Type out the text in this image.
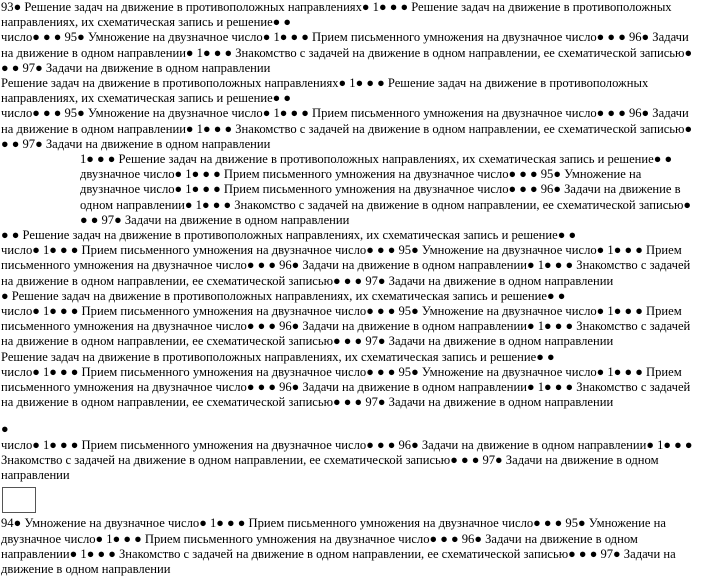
93● Решение задач на движение в противоположных направлениях● 1● ● ● Решение задач на движение в противоположных направлениях, их схематическая запись и решение● ●

число● ● ● 95● Умножение на двузначное число● 1● ● ● Прием письменного умножения на двузначное число● ● ● 96● Задачи на движение в одном направлении● 1● ● ● Знакомство с задачей на движение в одном направлении, ее схематической записью● ● ● 97● Задачи на движение в одном направлении

Решение задач на движение в противоположных направлениях● 1● ● ● Решение задач на движение в противоположных направлениях, их схематическая запись и решение● ●

число● ● ● 95● Умножение на двузначное число● 1● ● ● Прием письменного умножения на двузначное число● ● ● 96● Задачи на движение в одном направлении● 1● ● ● Знакомство с задачей на движение в одном направлении, ее схематической записью● ● ● 97● Задачи на движение в одном направлении

1● ● ● Решение задач на движение в противоположных направлениях, их схематическая запись и решение● ● двузначное число● 1● ● ● Прием письменного умножения на двузначное число● ● ● 95● Умножение на двузначное число● 1● ● ● Прием письменного умножения на двузначное число● ● ● 96● Задачи на движение в одном направлении● 1● ● ● Знакомство с задачей на движение в одном направлении, ее схематической записью● ● ● 97● Задачи на движение в одном направлении

● ● Решение задач на движение в противоположных направлениях, их схематическая запись и решение● ●

число● 1● ● ● Прием письменного умножения на двузначное число● ● ● 95● Умножение на двузначное число● 1● ● ● Прием письменного умножения на двузначное число● ● ● 96● Задачи на движение в одном направлении● 1● ● ● Знакомство с задачей на движение в одном направлении, ее схематической записью● ● ● 97● Задачи на движение в одном направлении

● Решение задач на движение в противоположных направлениях, их схематическая запись и решение● ●

число● 1● ● ● Прием письменного умножения на двузначное число● ● ● 95● Умножение на двузначное число● 1● ● ● Прием письменного умножения на двузначное число● ● ● 96● Задачи на движение в одном направлении● 1● ● ● Знакомство с задачей на движение в одном направлении, ее схематической записью● ● ● 97● Задачи на движение в одном направлении

Решение задач на движение в противоположных направлениях, их схематическая запись и решение● ●

число● 1● ● ● Прием письменного умножения на двузначное число● ● ● 95● Умножение на двузначное число● 1● ● ● Прием письменного умножения на двузначное число● ● ● 96● Задачи на движение в одном направлении● 1● ● ● Знакомство с задачей на движение в одном направлении, ее схематической записью● ● ● 97● Задачи на движение в одном направлении

●

число● 1● ● ● Прием письменного умножения на двузначное число● ● ● 96● Задачи на движение в одном направлении● 1● ● ● Знакомство с задачей на движение в одном направлении, ее схематической записью● ● ● 97● Задачи на движение в одном направлении

94● Умножение на двузначное число● 1● ● ● Прием письменного умножения на двузначное число● ● ● 95● Умножение на двузначное число● 1● ● ● Прием письменного умножения на двузначное число● ● ● 96● Задачи на движение в одном направлении● 1● ● ● Знакомство с задачей на движение в одном направлении, ее схематической записью● ● ● 97● Задачи на движение в одном направлении
